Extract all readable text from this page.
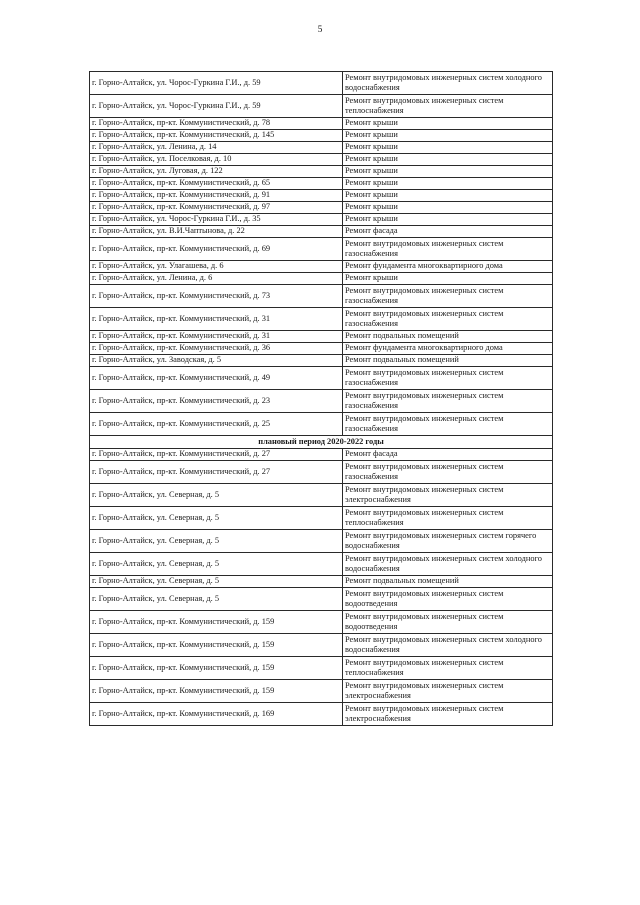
5
г. Горно-Алтайск, ул. Чорос-Гуркина Г.И., д. 59	Ремонт внутридомовых инженерных систем холодного водоснабжения
г. Горно-Алтайск, ул. Чорос-Гуркина Г.И., д. 59	Ремонт внутридомовых инженерных систем теплоснабжения
г. Горно-Алтайск, пр-кт. Коммунистический, д. 78	Ремонт крыши
г. Горно-Алтайск, пр-кт. Коммунистический, д. 145	Ремонт крыши
г. Горно-Алтайск, ул. Ленина, д. 14	Ремонт крыши
г. Горно-Алтайск, ул. Поселковая, д. 10	Ремонт крыши
г. Горно-Алтайск, ул. Луговая, д. 122	Ремонт крыши
г. Горно-Алтайск, пр-кт. Коммунистический, д. 65	Ремонт крыши
г. Горно-Алтайск, пр-кт. Коммунистический, д. 91	Ремонт крыши
г. Горно-Алтайск, пр-кт. Коммунистический, д. 97	Ремонт крыши
г. Горно-Алтайск, ул. Чорос-Гуркина Г.И., д. 35	Ремонт крыши
г. Горно-Алтайск, ул. В.И.Чаптынова, д. 22	Ремонт фасада
г. Горно-Алтайск, пр-кт. Коммунистический, д. 69	Ремонт внутридомовых инженерных систем газоснабжения
г. Горно-Алтайск, ул. Улагашева, д. 6	Ремонт фундамента многоквартирного дома
г. Горно-Алтайск, ул. Ленина, д. 6	Ремонт крыши
г. Горно-Алтайск, пр-кт. Коммунистический, д. 73	Ремонт внутридомовых инженерных систем газоснабжения
г. Горно-Алтайск, пр-кт. Коммунистический, д. 31	Ремонт внутридомовых инженерных систем газоснабжения
г. Горно-Алтайск, пр-кт. Коммунистический, д. 31	Ремонт подвальных помещений
г. Горно-Алтайск, пр-кт. Коммунистический, д. 36	Ремонт фундамента многоквартирного дома
г. Горно-Алтайск, ул. Заводская, д. 5	Ремонт подвальных помещений
г. Горно-Алтайск, пр-кт. Коммунистический, д. 49	Ремонт внутридомовых инженерных систем газоснабжения
г. Горно-Алтайск, пр-кт. Коммунистический, д. 23	Ремонт внутридомовых инженерных систем газоснабжения
г. Горно-Алтайск, пр-кт. Коммунистический, д. 25	Ремонт внутридомовых инженерных систем газоснабжения
плановый период 2020-2022 годы	
г. Горно-Алтайск, пр-кт. Коммунистический, д. 27	Ремонт фасада
г. Горно-Алтайск, пр-кт. Коммунистический, д. 27	Ремонт внутридомовых инженерных систем газоснабжения
г. Горно-Алтайск, ул. Северная, д. 5	Ремонт внутридомовых инженерных систем электроснабжения
г. Горно-Алтайск, ул. Северная, д. 5	Ремонт внутридомовых инженерных систем теплоснабжения
г. Горно-Алтайск, ул. Северная, д. 5	Ремонт внутридомовых инженерных систем горячего водоснабжения
г. Горно-Алтайск, ул. Северная, д. 5	Ремонт внутридомовых инженерных систем холодного водоснабжения
г. Горно-Алтайск, ул. Северная, д. 5	Ремонт подвальных помещений
г. Горно-Алтайск, ул. Северная, д. 5	Ремонт внутридомовых инженерных систем водоотведения
г. Горно-Алтайск, пр-кт. Коммунистический, д. 159	Ремонт внутридомовых инженерных систем водоотведения
г. Горно-Алтайск, пр-кт. Коммунистический, д. 159	Ремонт внутридомовых инженерных систем холодного водоснабжения
г. Горно-Алтайск, пр-кт. Коммунистический, д. 159	Ремонт внутридомовых инженерных систем теплоснабжения
г. Горно-Алтайск, пр-кт. Коммунистический, д. 159	Ремонт внутридомовых инженерных систем электроснабжения
г. Горно-Алтайск, пр-кт. Коммунистический, д. 169	Ремонт внутридомовых инженерных систем электроснабжения
